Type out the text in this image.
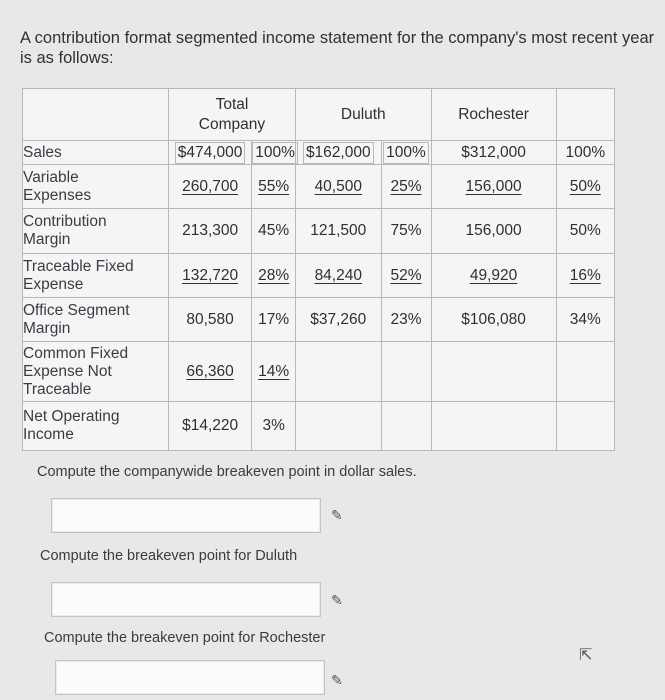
A contribution format segmented income statement for the company's most recent year is as follows:

	Total
Company		Duluth		Rochester	

Sales	$474,000	100%	$162,000	100%	$312,000	100%

Variable
Expenses	260,700	55%	40,500	25%	156,000	50%

Contribution
Margin	213,300	45%	121,500	75%	156,000	50%

Traceable Fixed
Expense	132,720	28%	84,240	52%	49,920	16%

Office Segment
Margin	80,580	17%	$37,260	23%	$106,080	34%

Common Fixed
Expense Not
Traceable	66,360	14%				

Net Operating
Income	$14,220	3%				
Compute the companywide breakeven point in dollar sales.
✎
Compute the breakeven point for Duluth
✎
Compute the breakeven point for Rochester
✎
⇱
